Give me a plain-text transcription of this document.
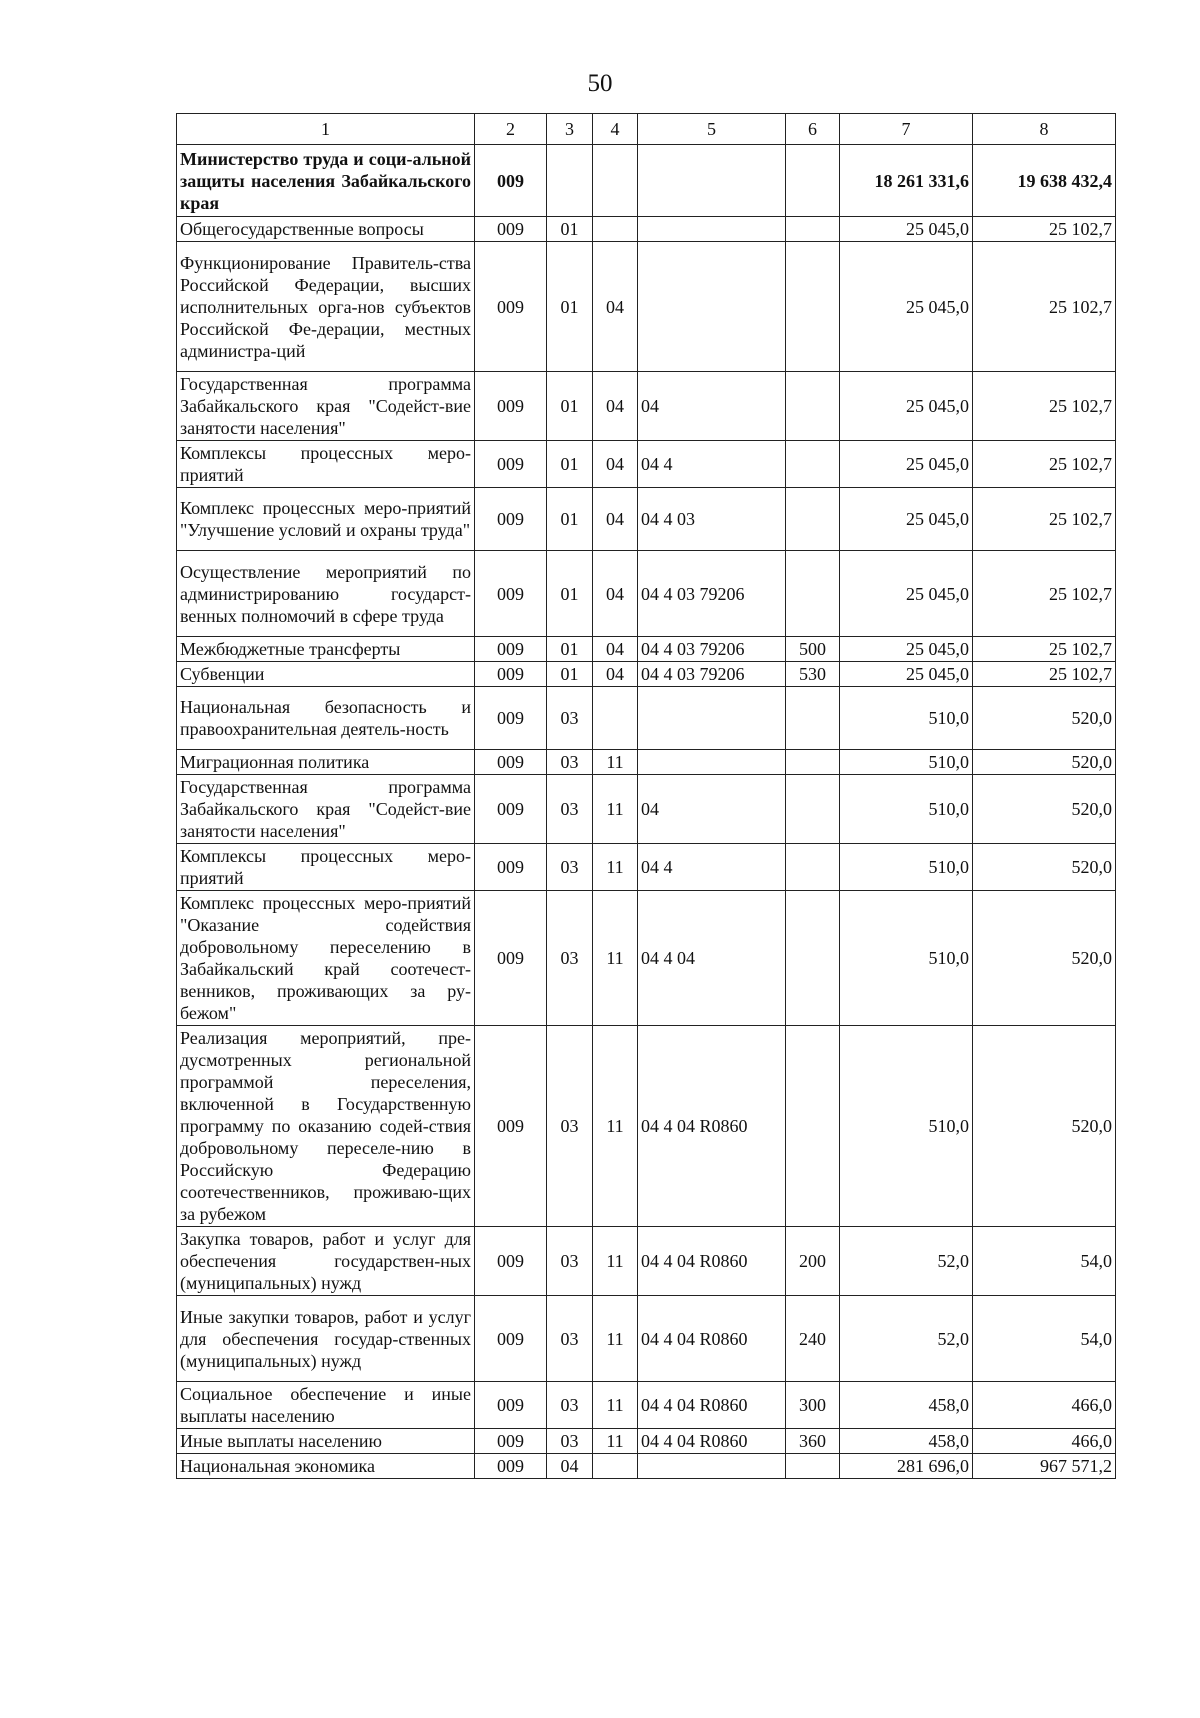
50
1	2	3	4	5	6	7	8
Министерство труда и соци-альной защиты населения Забайкальского края	009					18 261 331,6	19 638 432,4
Общегосударственные вопросы	009	01				25 045,0	25 102,7
Функционирование Правитель-ства Российской Федерации, высших исполнительных орга-нов субъектов Российской Фе-дерации, местных администра-ций	009	01	04			25 045,0	25 102,7
Государственная программа Забайкальского края "Содейст-вие занятости населения"	009	01	04	04		25 045,0	25 102,7
Комплексы процессных меро-приятий	009	01	04	04 4		25 045,0	25 102,7
Комплекс процессных меро-приятий "Улучшение условий и охраны труда"	009	01	04	04 4 03		25 045,0	25 102,7
Осуществление мероприятий по администрированию государст-венных полномочий в сфере труда	009	01	04	04 4 03 79206		25 045,0	25 102,7
Межбюджетные трансферты	009	01	04	04 4 03 79206	500	25 045,0	25 102,7
Субвенции	009	01	04	04 4 03 79206	530	25 045,0	25 102,7
Национальная безопасность и правоохранительная деятель-ность	009	03				510,0	520,0
Миграционная политика	009	03	11			510,0	520,0
Государственная программа Забайкальского края "Содейст-вие занятости населения"	009	03	11	04		510,0	520,0
Комплексы процессных меро-приятий	009	03	11	04 4		510,0	520,0
Комплекс процессных меро-приятий "Оказание содействия добровольному переселению в Забайкальский край соотечест-венников, проживающих за ру-бежом"	009	03	11	04 4 04		510,0	520,0
Реализация мероприятий, пре-дусмотренных региональной программой переселения, включенной в Государственную программу по оказанию содей-ствия добровольному переселе-нию в Российскую Федерацию соотечественников, проживаю-щих за рубежом	009	03	11	04 4 04 R0860		510,0	520,0
Закупка товаров, работ и услуг для обеспечения государствен-ных (муниципальных) нужд	009	03	11	04 4 04 R0860	200	52,0	54,0
Иные закупки товаров, работ и услуг для обеспечения государ-ственных (муниципальных) нужд	009	03	11	04 4 04 R0860	240	52,0	54,0
Социальное обеспечение и иные выплаты населению	009	03	11	04 4 04 R0860	300	458,0	466,0
Иные выплаты населению	009	03	11	04 4 04 R0860	360	458,0	466,0
Национальная экономика	009	04				281 696,0	967 571,2
